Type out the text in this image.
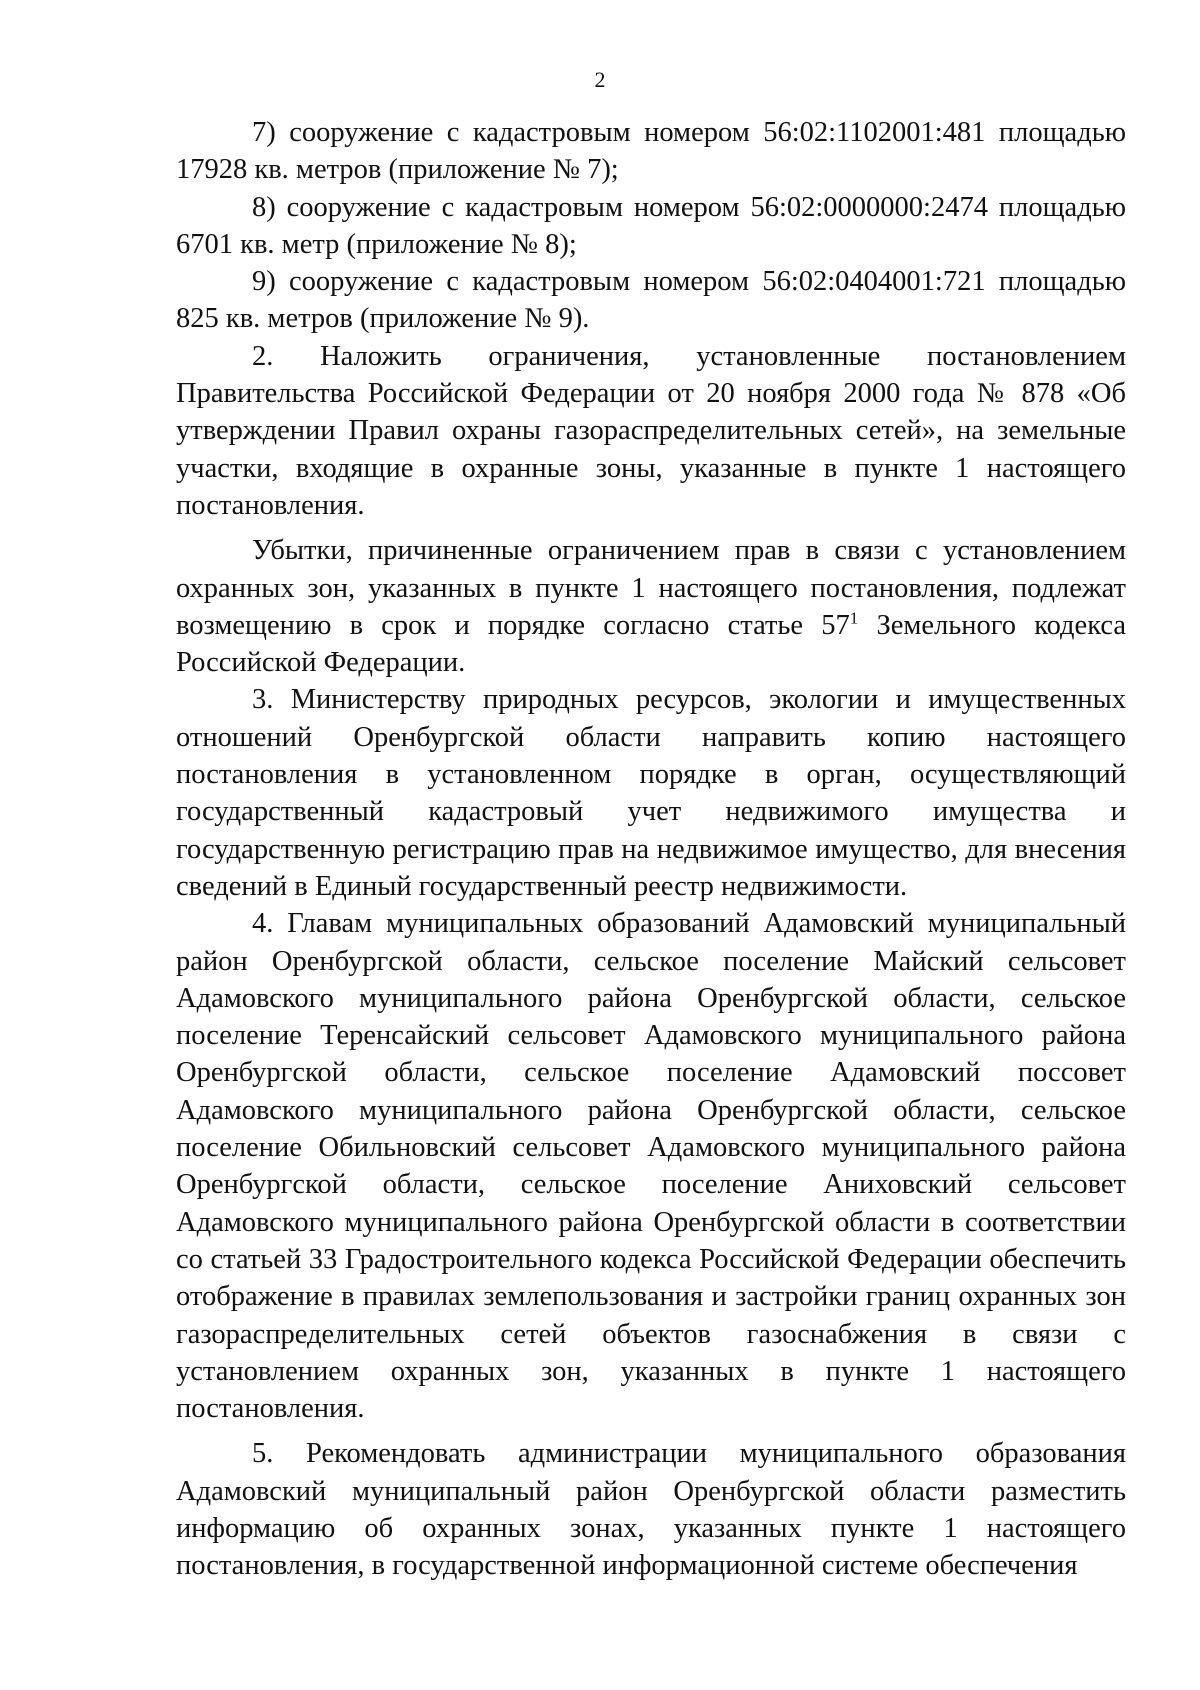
2

7) сооружение с кадастровым номером 56:02:1102001:481 площадью 17928 кв. метров (приложение № 7);

8) сооружение с кадастровым номером 56:02:0000000:2474 площадью 6701 кв. метр (приложение № 8);

9) сооружение с кадастровым номером 56:02:0404001:721 площадью 825 кв. метров (приложение № 9).

2. Наложить ограничения, установленные постановлением Правительства Российской Федерации от 20 ноября 2000 года № 878 «Об утверждении Правил охраны газораспределительных сетей», на земельные участки, входящие в охранные зоны, указанные в пункте 1 настоящего постановления.

Убытки, причиненные ограничением прав в связи с установлением охранных зон, указанных в пункте 1 настоящего постановления, подлежат возмещению в срок и порядке согласно статье $57^1$ Земельного кодекса Российской Федерации.

3. Министерству природных ресурсов, экологии и имущественных отношений Оренбургской области направить копию настоящего постановления в установленном порядке в орган, осуществляющий государственный кадастровый учет недвижимого имущества и государственную регистрацию прав на недвижимое имущество, для внесения сведений в Единый государственный реестр недвижимости.

4. Главам муниципальных образований Адамовский муниципальный район Оренбургской области, сельское поселение Майский сельсовет Адамовского муниципального района Оренбургской области, сельское поселение Теренсайский сельсовет Адамовского муниципального района Оренбургской области, сельское поселение Адамовский поссовет Адамовского муниципального района Оренбургской области, сельское поселение Обильновский сельсовет Адамовского муниципального района Оренбургской области, сельское поселение Аниховский сельсовет Адамовского муниципального района Оренбургской области в соответствии со статьей 33 Градостроительного кодекса Российской Федерации обеспечить отображение в правилах землепользования и застройки границ охранных зон газораспределительных сетей объектов газоснабжения в связи с установлением охранных зон, указанных в пункте 1 настоящего постановления.

5. Рекомендовать администрации муниципального образования Адамовский муниципальный район Оренбургской области разместить информацию об охранных зонах, указанных пункте 1 настоящего постановления, в государственной информационной системе обеспечения
